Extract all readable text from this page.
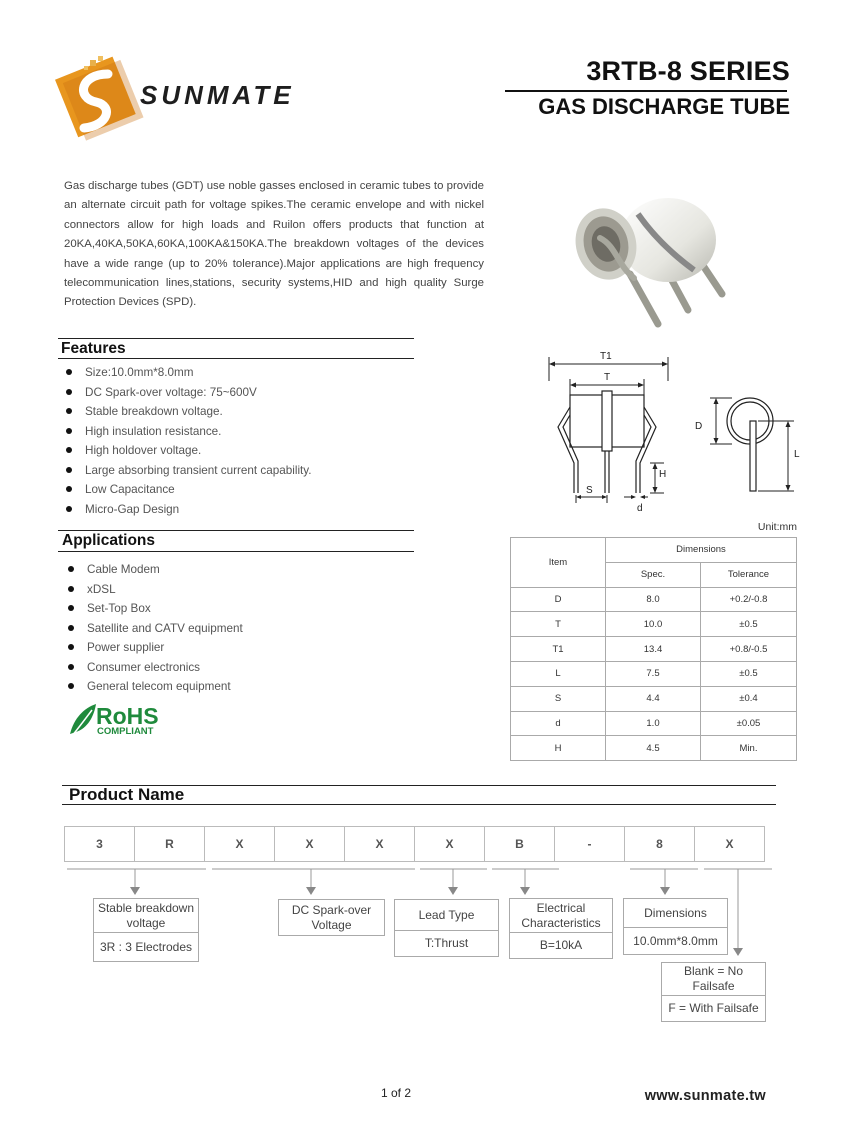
SUNMATE
3RTB-8 SERIES
GAS DISCHARGE TUBE

Gas discharge tubes (GDT) use noble gasses enclosed in ceramic tubes to provide an alternate circuit path for voltage spikes.The ceramic envelope and with nickel connectors allow for high loads and Ruilon offers products that function at 20KA,40KA,50KA,60KA,100KA&150KA.The breakdown voltages of the devices have a wide range (up to 20% tolerance).Major applications are high frequency telecommunication lines,stations, security systems,HID and high quality Surge Protection Devices (SPD).

Features
Size:10.0mm*8.0mm
DC Spark-over voltage: 75~600V
Stable breakdown voltage.
High insulation resistance.
High holdover voltage.
Large absorbing transient current capability.
Low Capacitance
Micro-Gap Design
Applications
Cable Modem
xDSL
Set-Top Box
Satellite and CATV equipment
Power supplier
Consumer electronics
General telecom equipment
RoHS
COMPLIANT
T1
T
S
d
H
D
L
Unit:mm
Item	Dimensions	
	Spec.	Tolerance
D	8.0	+0.2/-0.8
T	10.0	±0.5
T1	13.4	+0.8/-0.5
L	7.5	±0.5
S	4.4	±0.4
d	1.0	±0.05
H	4.5	Min.
Product Name
3	R	X	X	X	X	B	-	8	X
Stable breakdown voltage
3R : 3 Electrodes
DC Spark-over Voltage
Lead Type
T:Thrust
Electrical Characteristics
B=10kA
Dimensions
10.0mm*8.0mm
Blank = No Failsafe
F = With Failsafe
1 of 2	www.sunmate.tw
